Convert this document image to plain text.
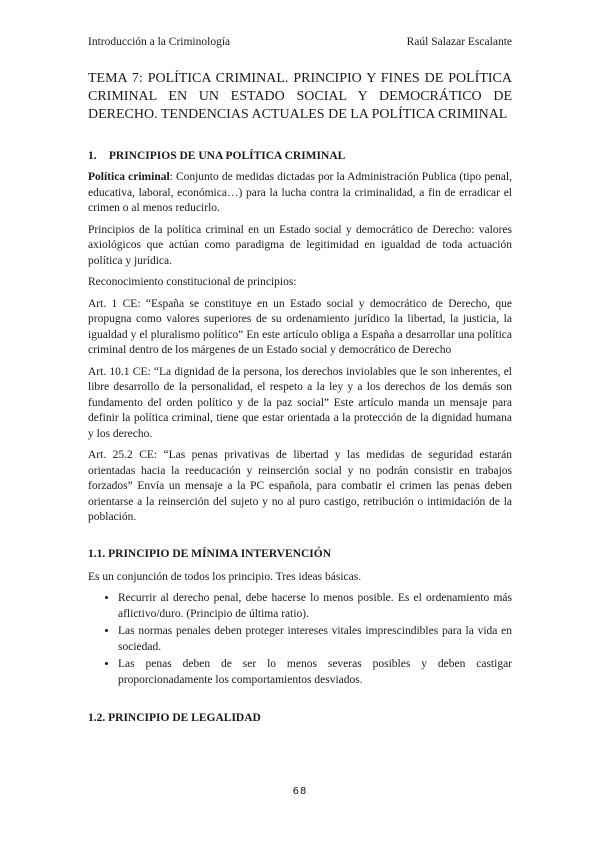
Introducción a la Criminología	Raúl Salazar Escalante
TEMA 7: POLÍTICA CRIMINAL. PRINCIPIO Y FINES DE POLÍTICA CRIMINAL EN UN ESTADO SOCIAL Y DEMOCRÁTICO DE DERECHO. TENDENCIAS ACTUALES DE LA POLÍTICA CRIMINAL
1. PRINCIPIOS DE UNA POLÍTICA CRIMINAL

Política criminal: Conjunto de medidas dictadas por la Administración Publica (tipo penal, educativa, laboral, económica…) para la lucha contra la criminalidad, a fin de erradicar el crimen o al menos reducirlo.

Principios de la política criminal en un Estado social y democrático de Derecho: valores axiológicos que actúan como paradigma de legitimidad en igualdad de toda actuación política y jurídica.

Reconocimiento constitucional de principios:

Art. 1 CE: “España se constituye en un Estado social y democrático de Derecho, que propugna como valores superiores de su ordenamiento jurídico la libertad, la justicia, la igualdad y el pluralismo político” En este artículo obliga a España a desarrollar una política criminal dentro de los márgenes de un Estado social y democrático de Derecho

Art. 10.1 CE: “La dignidad de la persona, los derechos inviolables que le son inherentes, el libre desarrollo de la personalidad, el respeto a la ley y a los derechos de los demás son fundamento del orden político y de la paz social” Este artículo manda un mensaje para definir la política criminal, tiene que estar orientada a la protección de la dignidad humana y los derecho.

Art. 25.2 CE: “Las penas privativas de libertad y las medidas de seguridad estarán orientadas hacia la reeducación y reinserción social y no podrán consistir en trabajos forzados” Envía un mensaje a la PC española, para combatir el crimen las penas deben orientarse a la reinserción del sujeto y no al puro castigo, retribución o intimidación de la población.

1.1. PRINCIPIO DE MÍNIMA INTERVENCIÓN

Es un conjunción de todos los principio. Tres ideas básicas.

• Recurrir al derecho penal, debe hacerse lo menos posible. Es el ordenamiento más aflictivo/duro. (Principio de última ratio).
• Las normas penales deben proteger intereses vitales imprescindibles para la vida en sociedad.
• Las penas deben de ser lo menos severas posibles y deben castigar proporcionadamente los comportamientos desviados.
1.2. PRINCIPIO DE LEGALIDAD
68
